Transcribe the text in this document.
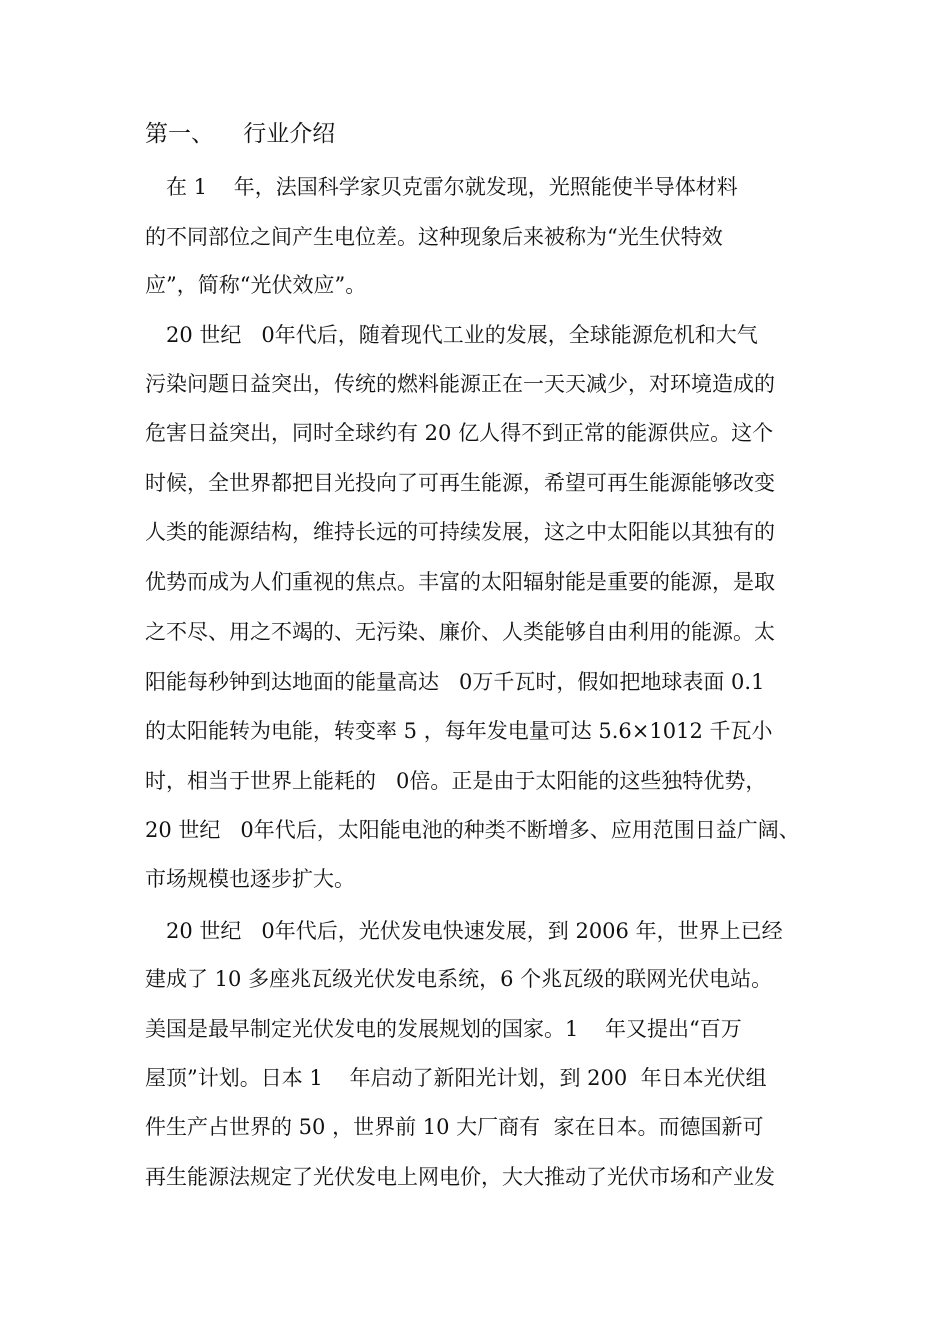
第一、    行业介绍
　在 1    年，法国科学家贝克雷尔就发现，光照能使半导体材料
的不同部位之间产生电位差。这种现象后来被称为“光生伏特效
应”，简称“光伏效应”。
　20 世纪   0年代后，随着现代工业的发展，全球能源危机和大气
污染问题日益突出，传统的燃料能源正在一天天减少，对环境造成的
危害日益突出，同时全球约有 20 亿人得不到正常的能源供应。这个
时候，全世界都把目光投向了可再生能源，希望可再生能源能够改变
人类的能源结构，维持长远的可持续发展，这之中太阳能以其独有的
优势而成为人们重视的焦点。丰富的太阳辐射能是重要的能源，是取
之不尽、用之不竭的、无污染、廉价、人类能够自由利用的能源。太
阳能每秒钟到达地面的能量高达   0万千瓦时，假如把地球表面 0.1
的太阳能转为电能，转变率 5 ，每年发电量可达 5.6×1012 千瓦小
时，相当于世界上能耗的   0倍。正是由于太阳能的这些独特优势，
20 世纪   0年代后，太阳能电池的种类不断增多、应用范围日益广阔、
市场规模也逐步扩大。
　20 世纪   0年代后，光伏发电快速发展，到 2006 年，世界上已经
建成了 10 多座兆瓦级光伏发电系统，6 个兆瓦级的联网光伏电站。
美国是最早制定光伏发电的发展规划的国家。1    年又提出“百万
屋顶”计划。日本 1    年启动了新阳光计划，到 200  年日本光伏组
件生产占世界的 50 ，世界前 10 大厂商有  家在日本。而德国新可
再生能源法规定了光伏发电上网电价，大大推动了光伏市场和产业发
